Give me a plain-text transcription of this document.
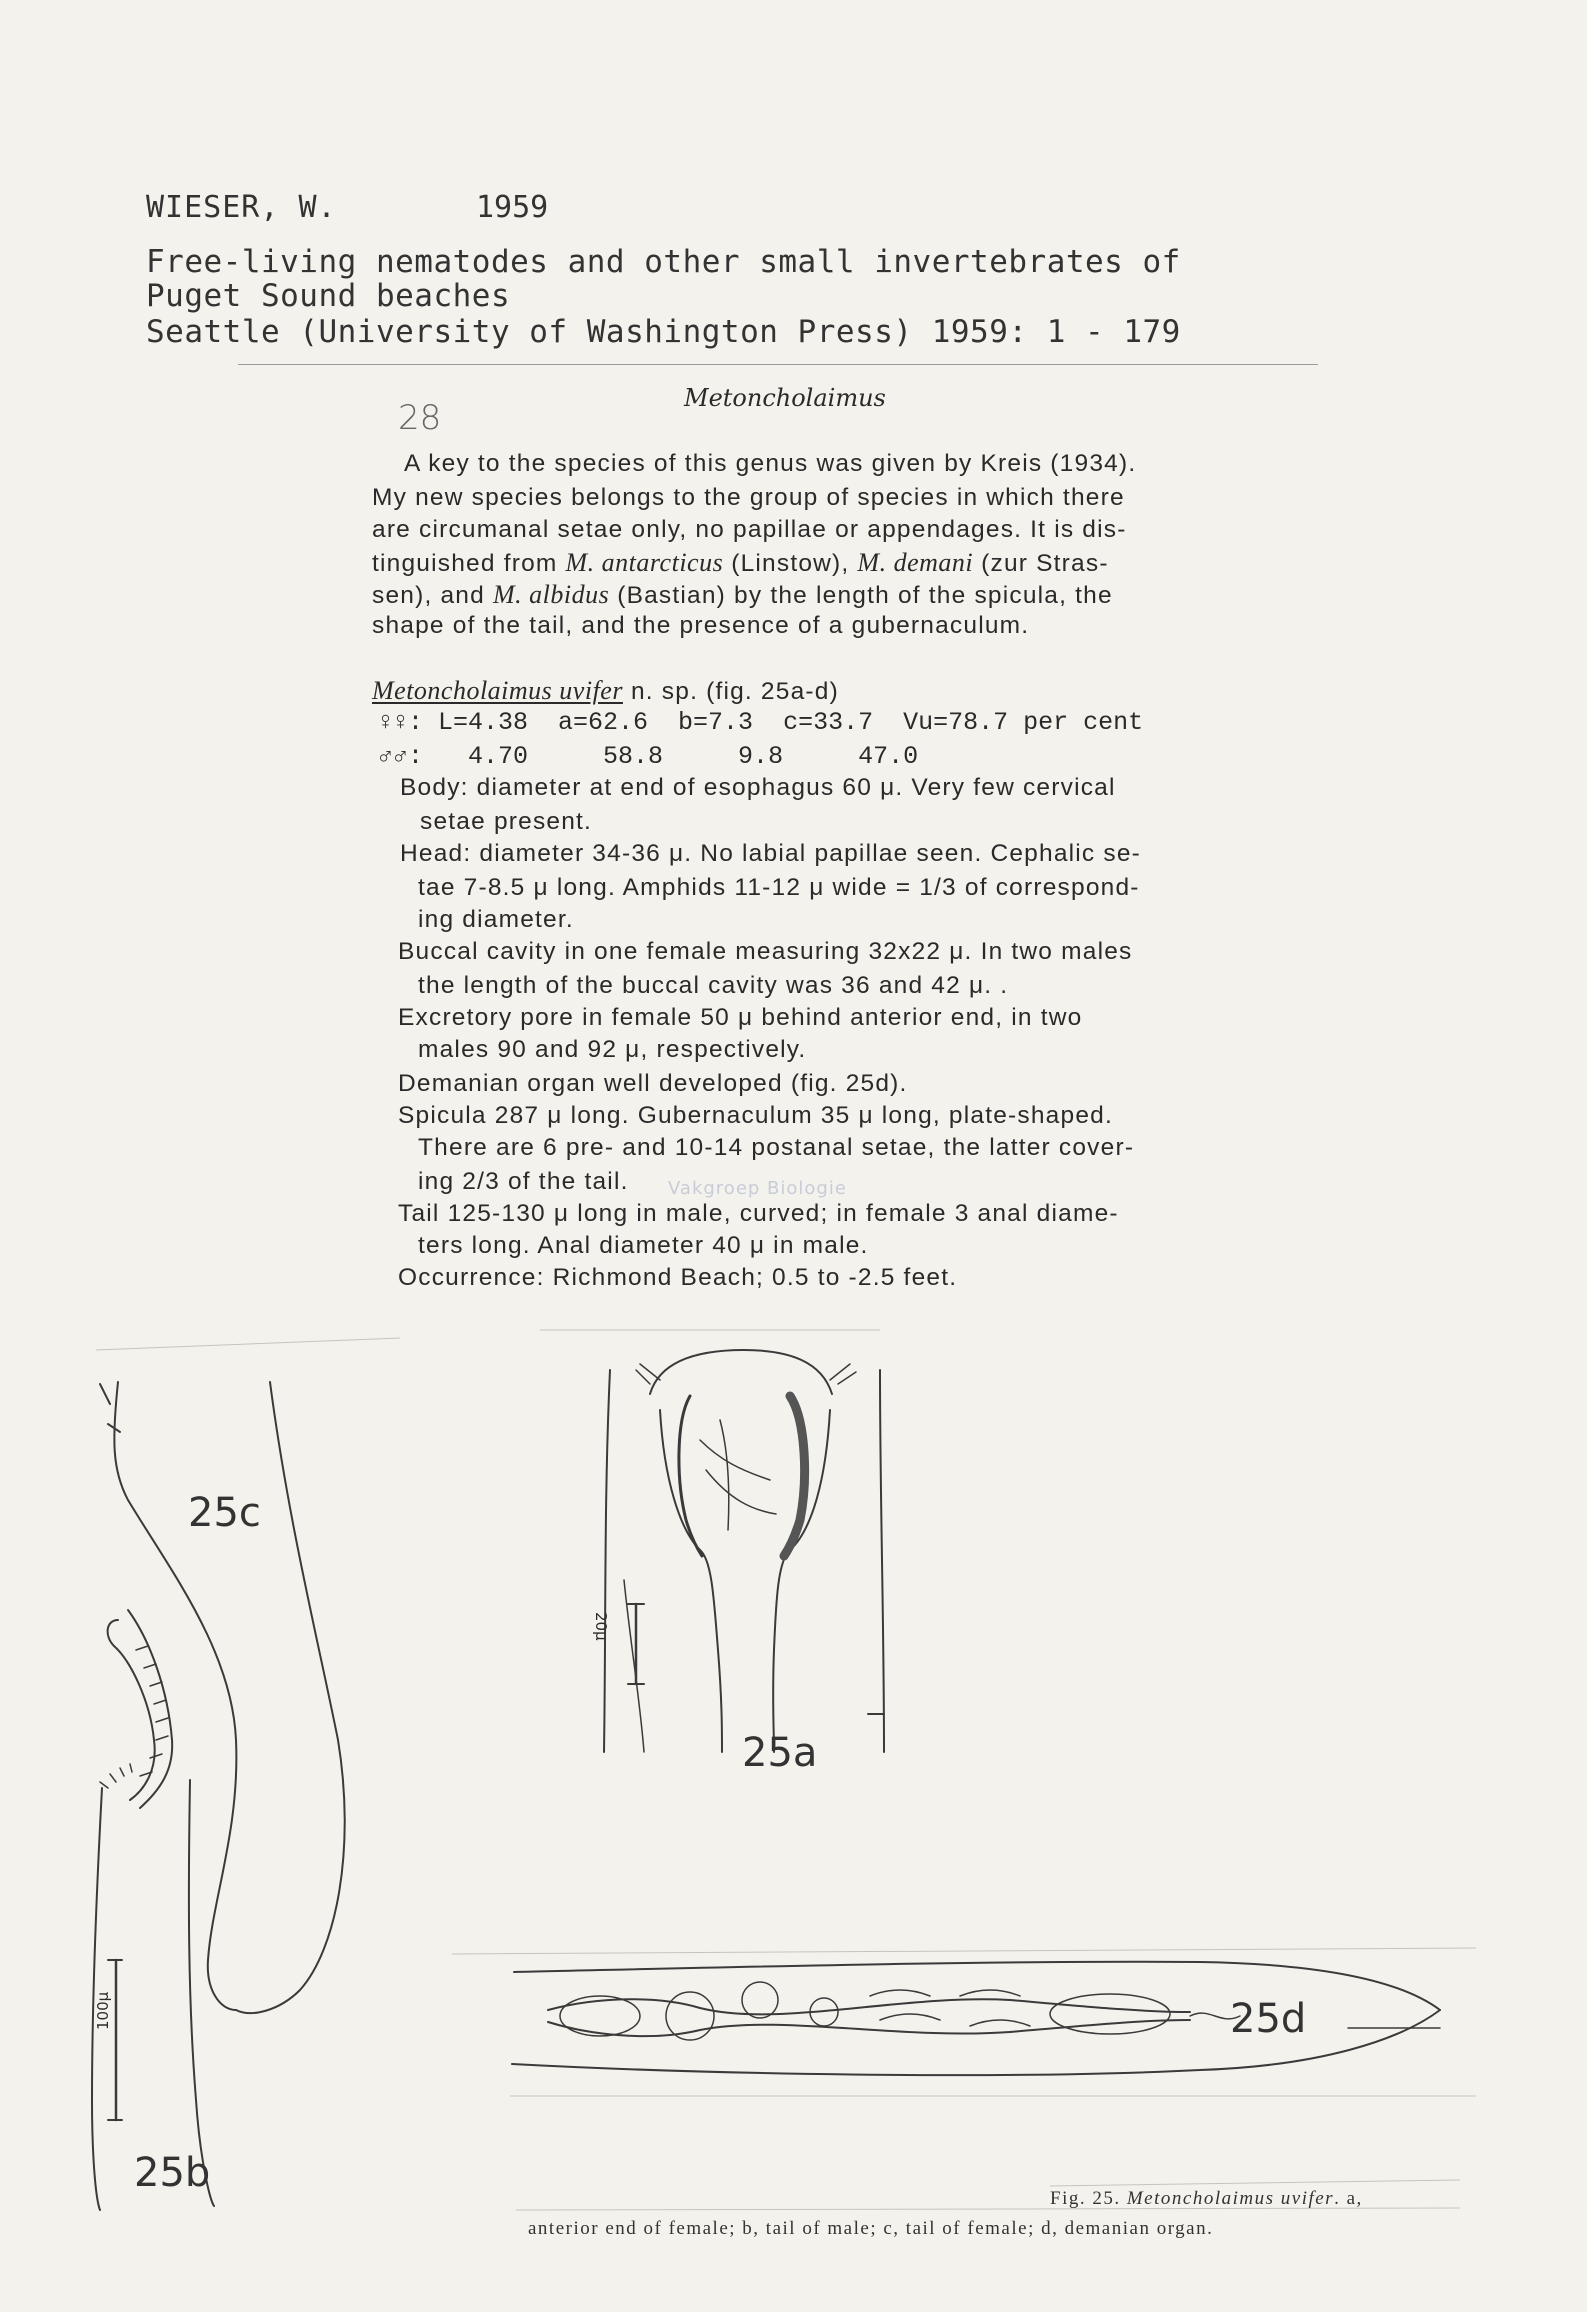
WIESER, W.	1959
Free-living nematodes and other small invertebrates of
Puget Sound beaches
Seattle (University of Washington Press) 1959: 1 - 179
28	Metoncholaimus
A key to the species of this genus was given by Kreis (1934).
My new species belongs to the group of species in which there
are circumanal setae only, no papillae or appendages. It is dis-
tinguished from M. antarcticus (Linstow), M. demani (zur Stras-
sen), and M. albidus (Bastian) by the length of the spicula, the
shape of the tail, and the presence of a gubernaculum.
Metoncholaimus uvifer n. sp. (fig. 25a-d)
♀♀: L=4.38  a=62.6  b=7.3  c=33.7  Vu=78.7 per cent
♂♂:   4.70     58.8     9.8     47.0
Body: diameter at end of esophagus 60 μ. Very few cervical
setae present.
Head: diameter 34-36 μ. No labial papillae seen. Cephalic se-
tae 7-8.5 μ long. Amphids 11-12 μ wide = 1/3 of correspond-
ing diameter.
Buccal cavity in one female measuring 32x22 μ. In two males
the length of the buccal cavity was 36 and 42 μ. .
Excretory pore in female 50 μ behind anterior end, in two
males 90 and 92 μ, respectively.
Demanian organ well developed (fig. 25d).
Spicula 287 μ long. Gubernaculum 35 μ long, plate-shaped.
There are 6 pre- and 10-14 postanal setae, the latter cover-
ing 2/3 of the tail.
Tail 125-130 μ long in male, curved; in female 3 anal diame-
ters long. Anal diameter 40 μ in male.
Occurrence: Richmond Beach; 0.5 to -2.5 feet.
Vakgroep Biologie
25c
25a
25d
25b
20μ
100μ
Fig. 25. Metoncholaimus uvifer. a,
anterior end of female; b, tail of male; c, tail of female; d, demanian organ.
